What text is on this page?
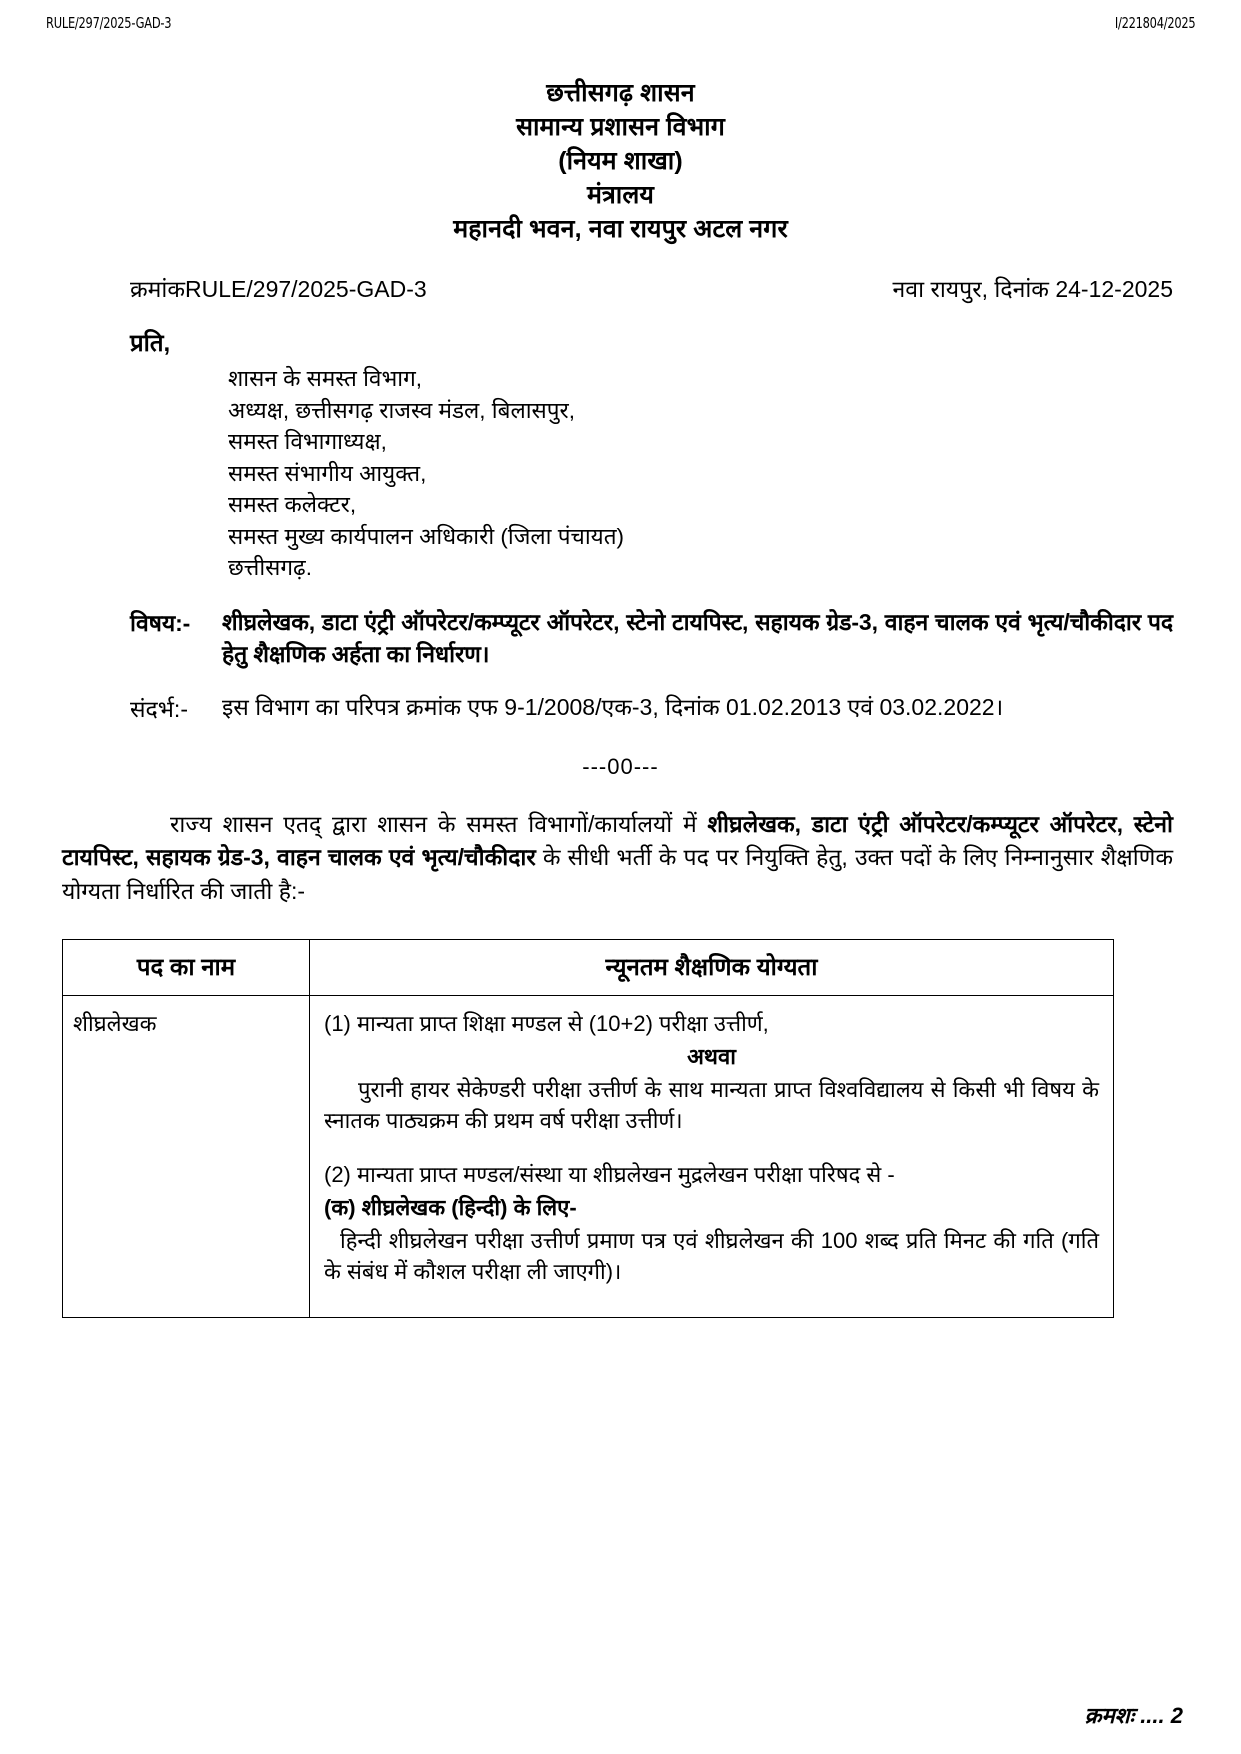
RULE/297/2025-GAD-3	I/221804/2025
छत्तीसगढ़ शासन
सामान्य प्रशासन विभाग
(नियम शाखा)
मंत्रालय
महानदी भवन, नवा रायपुर अटल नगर
क्रमांकRULE/297/2025-GAD-3	नवा रायपुर, दिनांक 24-12-2025
प्रति,
शासन के समस्त विभाग,
अध्यक्ष, छत्तीसगढ़ राजस्व मंडल, बिलासपुर,
समस्त विभागाध्यक्ष,
समस्त संभागीय आयुक्त,
समस्त कलेक्टर,
समस्त मुख्य कार्यपालन अधिकारी (जिला पंचायत)
छत्तीसगढ़.
विषय:-	शीघ्रलेखक, डाटा एंट्री ऑपरेटर/कम्प्यूटर ऑपरेटर, स्टेनो टायपिस्ट, सहायक ग्रेड-3, वाहन चालक एवं भृत्य/चौकीदार पद हेतु शैक्षणिक अर्हता का निर्धारण।
संदर्भ:-	इस विभाग का परिपत्र क्रमांक एफ 9-1/2008/एक-3, दिनांक 01.02.2013 एवं 03.02.2022।
---00---

राज्य शासन एतद् द्वारा शासन के समस्त विभागों/कार्यालयों में शीघ्रलेखक, डाटा एंट्री ऑपरेटर/कम्प्यूटर ऑपरेटर, स्टेनो टायपिस्ट, सहायक ग्रेड-3, वाहन चालक एवं भृत्य/चौकीदार के सीधी भर्ती के पद पर नियुक्ति हेतु, उक्त पदों के लिए निम्नानुसार शैक्षणिक योग्यता निर्धारित की जाती है:-

पद का नाम	न्यूनतम शैक्षणिक योग्यता
शीघ्रलेखक	(1) मान्यता प्राप्त शिक्षा मण्डल से (10+2) परीक्षा उत्तीर्ण,
अथवा
पुरानी हायर सेकेण्डरी परीक्षा उत्तीर्ण के साथ मान्यता प्राप्त विश्वविद्यालय से किसी भी विषय के स्नातक पाठ्यक्रम की प्रथम वर्ष परीक्षा उत्तीर्ण।
(2) मान्यता प्राप्त मण्डल/संस्था या शीघ्रलेखन मुद्रलेखन परीक्षा परिषद से -
(क) शीघ्रलेखक (हिन्दी) के लिए-
हिन्दी शीघ्रलेखन परीक्षा उत्तीर्ण प्रमाण पत्र एवं शीघ्रलेखन की 100 शब्द प्रति मिनट की गति (गति के संबंध में कौशल परीक्षा ली जाएगी)।
क्रमशः .... 2
